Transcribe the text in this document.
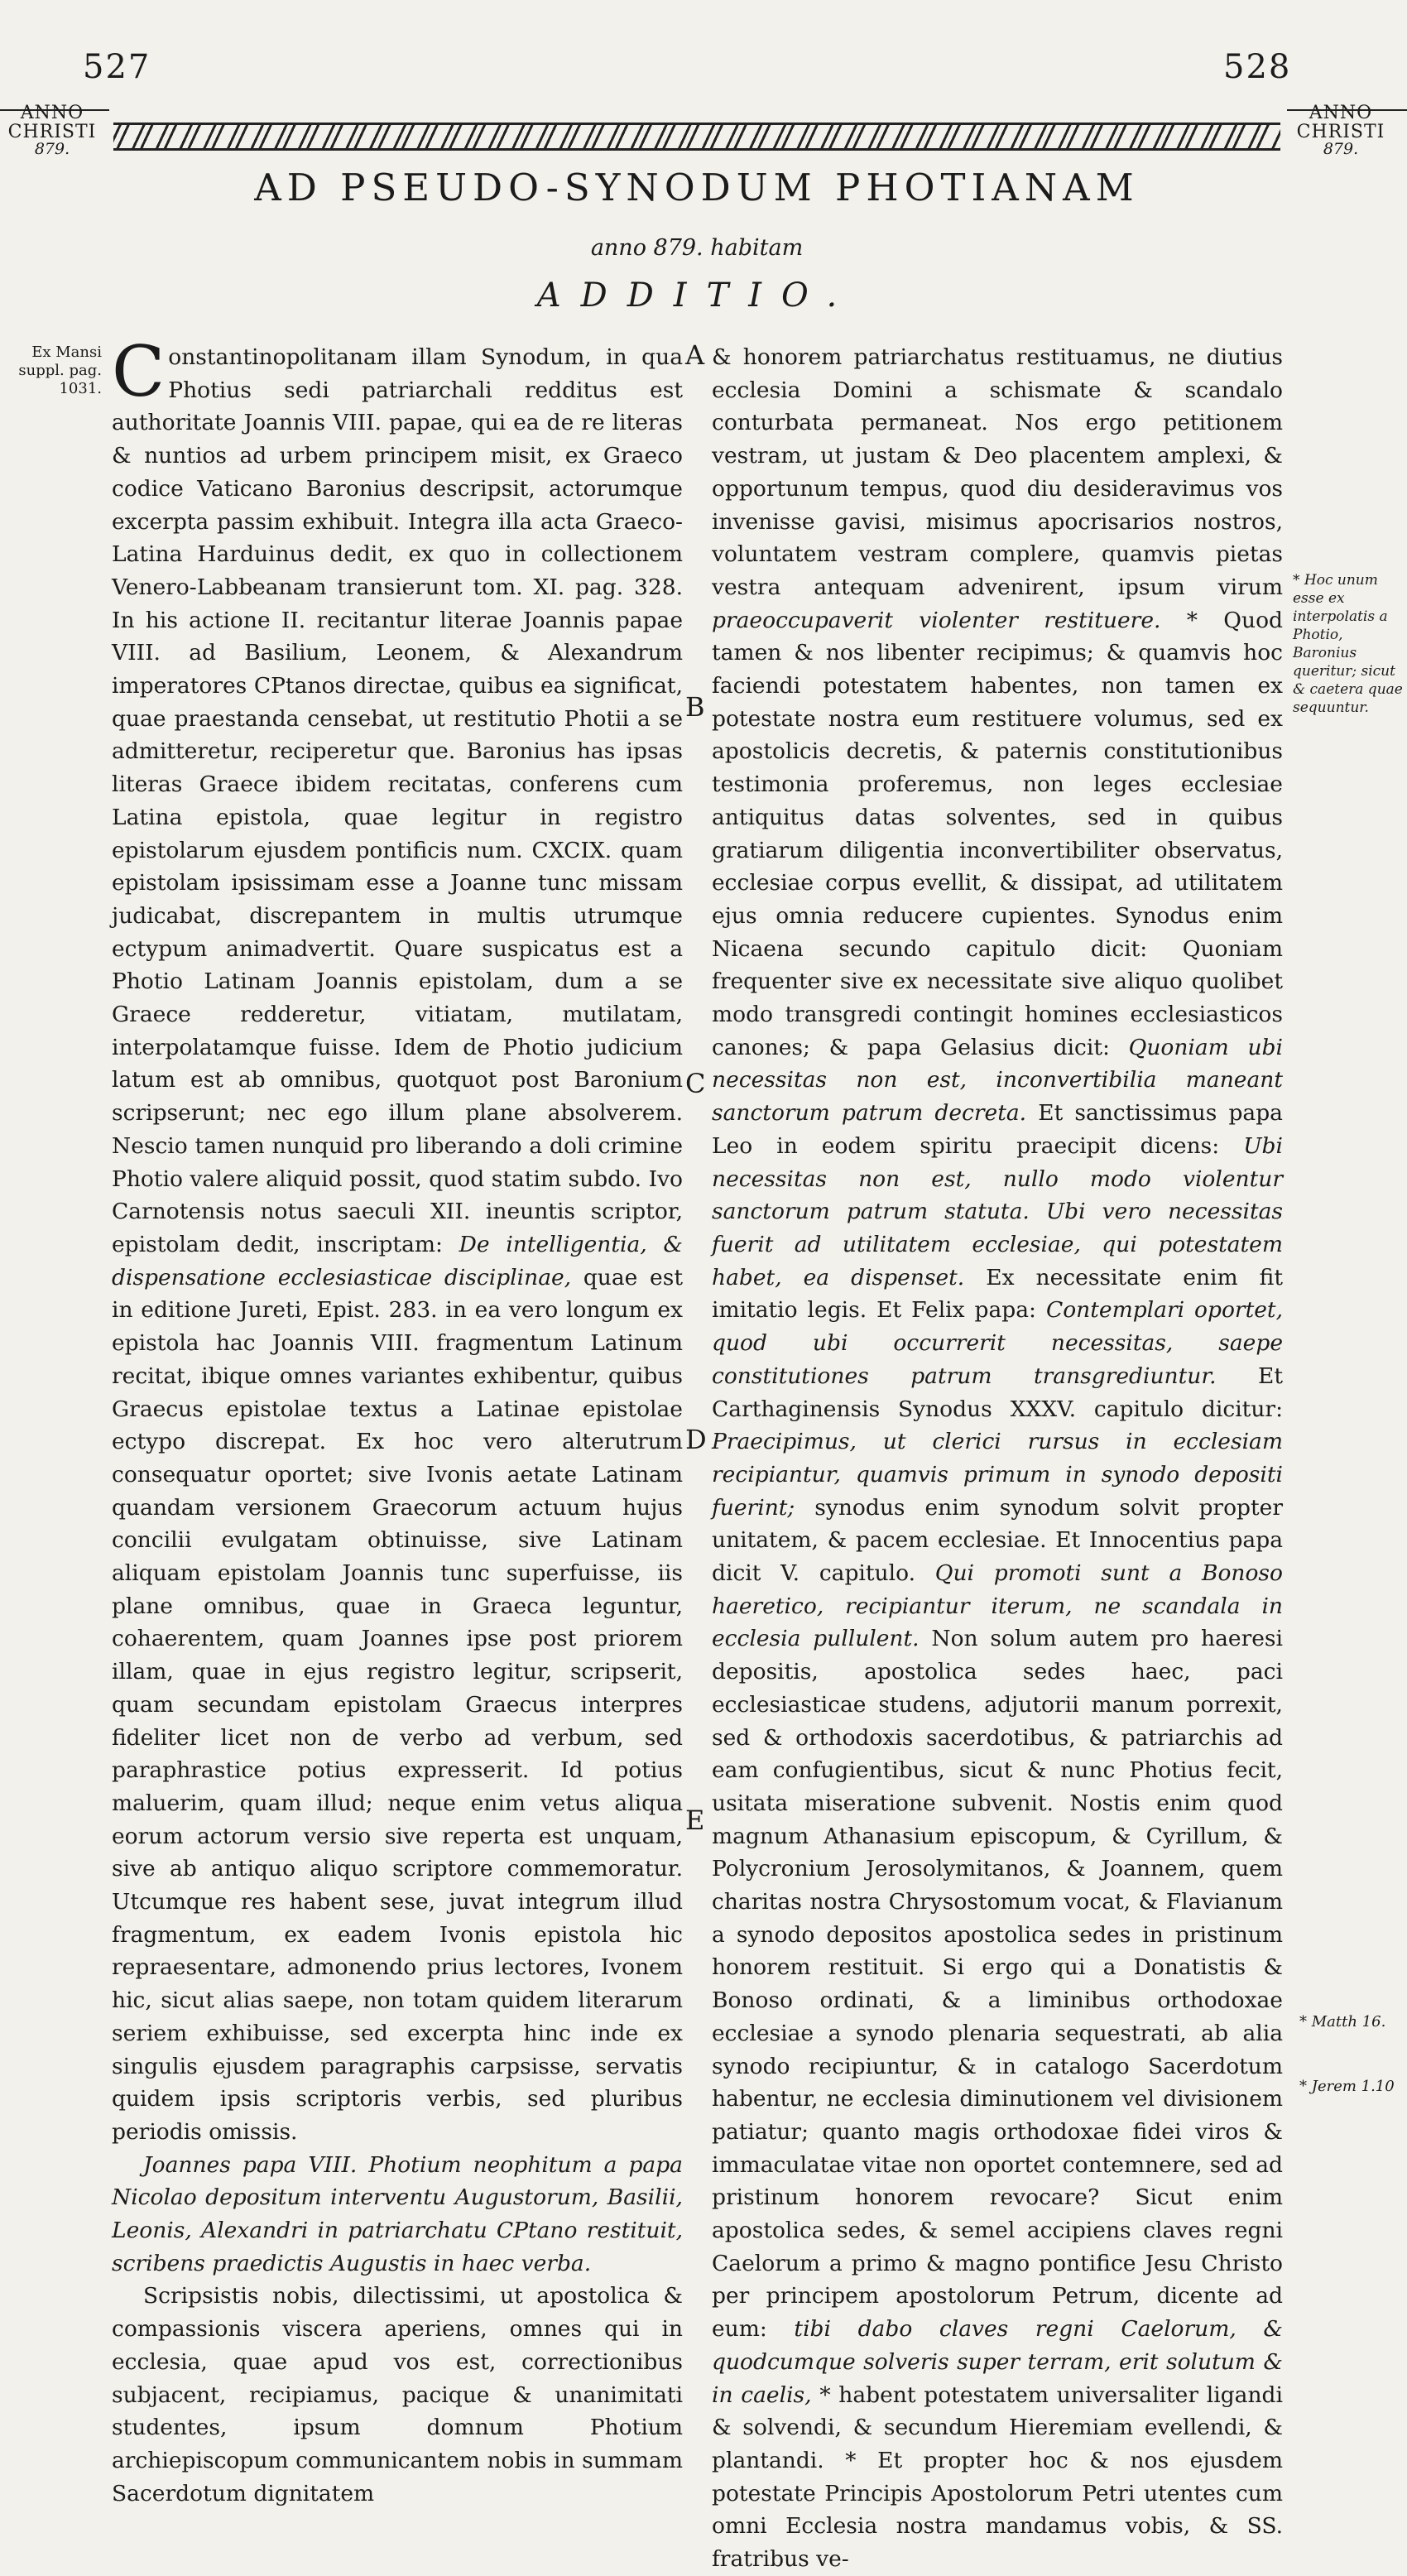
527	528
ANNO
CHRISTI
879.
ANNO
CHRISTI
879.
AD PSEUDO-SYNODUM PHOTIANAM
anno 879. habitam
ADDITIO.
Ex Mansi suppl. pag. 1031.
* Hoc unum esse ex interpolatis a Photio, Baronius queritur; sicut & caetera quae sequuntur.
* Matth 16.
* Jerem 1.10
A
B
C
D
E

Constantinopolitanam illam Synodum, in qua Photius sedi patriarchali redditus est authoritate Joannis VIII. papae, qui ea de re literas & nuntios ad urbem principem misit, ex Graeco codice Vaticano Baronius descripsit, actorumque excerpta passim exhibuit. Integra illa acta Graeco-Latina Harduinus dedit, ex quo in collectionem Venero-Labbeanam transierunt tom. XI. pag. 328. In his actione II. recitantur literae Joannis papae VIII. ad Basilium, Leonem, & Alexandrum imperatores CPtanos directae, quibus ea significat, quae praestanda censebat, ut restitutio Photii a se admitteretur, reciperetur que. Baronius has ipsas literas Graece ibidem recitatas, conferens cum Latina epistola, quae legitur in registro epistolarum ejusdem pontificis num. CXCIX. quam epistolam ipsissimam esse a Joanne tunc missam judicabat, discrepantem in multis utrumque ectypum animadvertit. Quare suspicatus est a Photio Latinam Joannis epistolam, dum a se Graece redderetur, vitiatam, mutilatam, interpolatamque fuisse. Idem de Photio judicium latum est ab omnibus, quotquot post Baronium scripserunt; nec ego illum plane absolverem. Nescio tamen nunquid pro liberando a doli crimine Photio valere aliquid possit, quod statim subdo. Ivo Carnotensis notus saeculi XII. ineuntis scriptor, epistolam dedit, inscriptam: De intelligentia, & dispensatione ecclesiasticae disciplinae, quae est in editione Jureti, Epist. 283. in ea vero longum ex epistola hac Joannis VIII. fragmentum Latinum recitat, ibique omnes variantes exhibentur, quibus Graecus epistolae textus a Latinae epistolae ectypo discrepat. Ex hoc vero alterutrum consequatur oportet; sive Ivonis aetate Latinam quandam versionem Graecorum actuum hujus concilii evulgatam obtinuisse, sive Latinam aliquam epistolam Joannis tunc superfuisse, iis plane omnibus, quae in Graeca leguntur, cohaerentem, quam Joannes ipse post priorem illam, quae in ejus registro legitur, scripserit, quam secundam epistolam Graecus interpres fideliter licet non de verbo ad verbum, sed paraphrastice potius expresserit. Id potius maluerim, quam illud; neque enim vetus aliqua eorum actorum versio sive reperta est unquam, sive ab antiquo aliquo scriptore commemoratur. Utcumque res habent sese, juvat integrum illud fragmentum, ex eadem Ivonis epistola hic repraesentare, admonendo prius lectores, Ivonem hic, sicut alias saepe, non totam quidem literarum seriem exhibuisse, sed excerpta hinc inde ex singulis ejusdem paragraphis carpsisse, servatis quidem ipsis scriptoris verbis, sed pluribus periodis omissis.

Joannes papa VIII. Photium neophitum a papa Nicolao depositum interventu Augustorum, Basilii, Leonis, Alexandri in patriarchatu CPtano restituit, scribens praedictis Augustis in haec verba.

Scripsistis nobis, dilectissimi, ut apostolica & compassionis viscera aperiens, omnes qui in ecclesia, quae apud vos est, correctionibus subjacent, recipiamus, pacique & unanimitati studentes, ipsum domnum Photium archiepiscopum communicantem nobis in summam Sacerdotum dignitatem

& honorem patriarchatus restituamus, ne diutius ecclesia Domini a schismate & scandalo conturbata permaneat. Nos ergo petitionem vestram, ut justam & Deo placentem amplexi, & opportunum tempus, quod diu desideravimus vos invenisse gavisi, misimus apocrisarios nostros, voluntatem vestram complere, quamvis pietas vestra antequam advenirent, ipsum virum praeoccupaverit violenter restituere. * Quod tamen & nos libenter recipimus; & quamvis hoc faciendi potestatem habentes, non tamen ex potestate nostra eum restituere volumus, sed ex apostolicis decretis, & paternis constitutionibus testimonia proferemus, non leges ecclesiae antiquitus datas solventes, sed in quibus gratiarum diligentia inconvertibiliter observatus, ecclesiae corpus evellit, & dissipat, ad utilitatem ejus omnia reducere cupientes. Synodus enim Nicaena secundo capitulo dicit: Quoniam frequenter sive ex necessitate sive aliquo quolibet modo transgredi contingit homines ecclesiasticos canones; & papa Gelasius dicit: Quoniam ubi necessitas non est, inconvertibilia maneant sanctorum patrum decreta. Et sanctissimus papa Leo in eodem spiritu praecipit dicens: Ubi necessitas non est, nullo modo violentur sanctorum patrum statuta. Ubi vero necessitas fuerit ad utilitatem ecclesiae, qui potestatem habet, ea dispenset. Ex necessitate enim fit imitatio legis. Et Felix papa: Contemplari oportet, quod ubi occurrerit necessitas, saepe constitutiones patrum transgrediuntur. Et Carthaginensis Synodus XXXV. capitulo dicitur: Praecipimus, ut clerici rursus in ecclesiam recipiantur, quamvis primum in synodo depositi fuerint; synodus enim synodum solvit propter unitatem, & pacem ecclesiae. Et Innocentius papa dicit V. capitulo. Qui promoti sunt a Bonoso haeretico, recipiantur iterum, ne scandala in ecclesia pullulent. Non solum autem pro haeresi depositis, apostolica sedes haec, paci ecclesiasticae studens, adjutorii manum porrexit, sed & orthodoxis sacerdotibus, & patriarchis ad eam confugientibus, sicut & nunc Photius fecit, usitata miseratione subvenit. Nostis enim quod magnum Athanasium episcopum, & Cyrillum, & Polycronium Jerosolymitanos, & Joannem, quem charitas nostra Chrysostomum vocat, & Flavianum a synodo depositos apostolica sedes in pristinum honorem restituit. Si ergo qui a Donatistis & Bonoso ordinati, & a liminibus orthodoxae ecclesiae a synodo plenaria sequestrati, ab alia synodo recipiuntur, & in catalogo Sacerdotum habentur, ne ecclesia diminutionem vel divisionem patiatur; quanto magis orthodoxae fidei viros & immaculatae vitae non oportet contemnere, sed ad pristinum honorem revocare? Sicut enim apostolica sedes, & semel accipiens claves regni Caelorum a primo & magno pontifice Jesu Christo per principem apostolorum Petrum, dicente ad eum: tibi dabo claves regni Caelorum, & quodcumque solveris super terram, erit solutum & in caelis, * habent potestatem universaliter ligandi & solvendi, & secundum Hieremiam evellendi, & plantandi. * Et propter hoc & nos ejusdem potestate Principis Apostolorum Petri utentes cum omni Ecclesia nostra mandamus vobis, & SS. fratribus ve-
